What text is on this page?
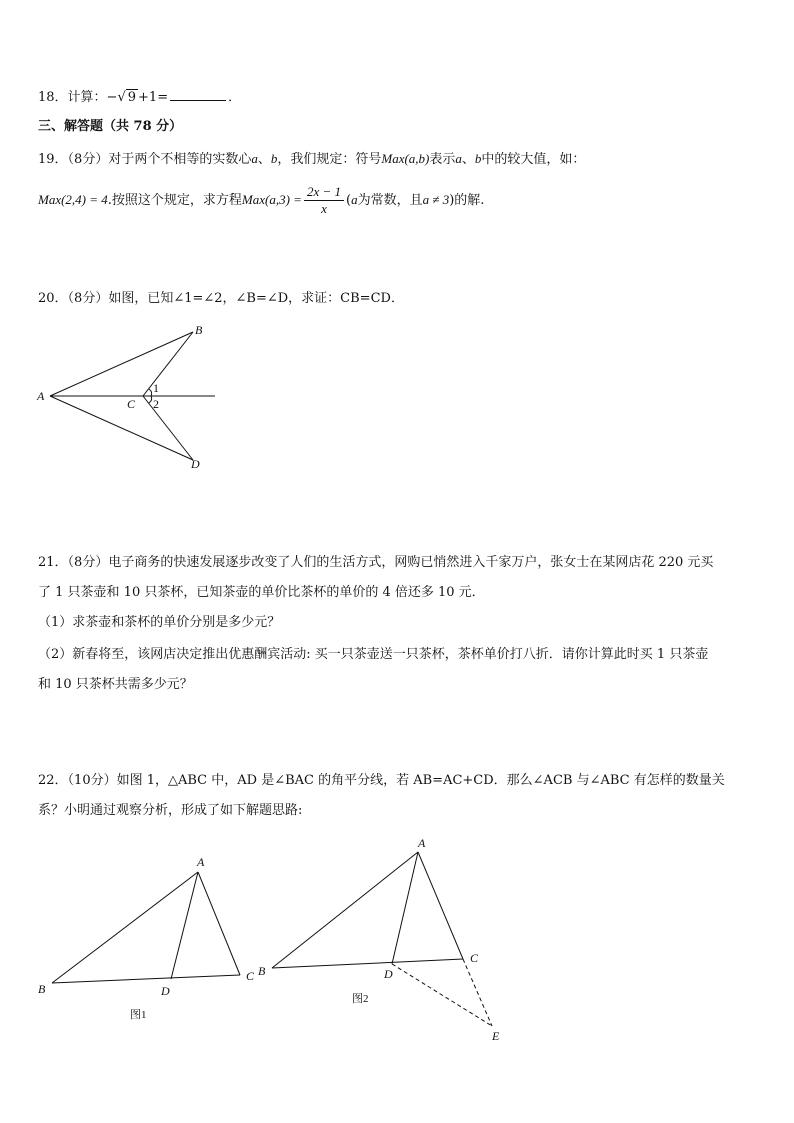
18．计算：−√ 9 +1=	．
三、解答题（共 78 分）
19．（8分）对于两个不相等的实数心a、b，我们规定：符号Max(a,b)表示a、b中的较大值，如：
Max(2,4) = 4.按照这个规定，求方程$Max(a,3) = \frac{2x - 1}{x} (a$为常数，且a ≠ 3)的解.
20．（8分）如图，已知∠1=∠2，∠B=∠D，求证：CB=CD．
A
B
C
D
1
2
21．（8分）电子商务的快速发展逐步改变了人们的生活方式，网购已悄然进入千家万户，张女士在某网店花 220 元买
了 1 只茶壶和 10 只茶杯，已知茶壶的单价比茶杯的单价的 4 倍还多 10 元．
（1）求茶壶和茶杯的单价分别是多少元？
（2）新春将至，该网店决定推出优惠酬宾活动: 买一只茶壶送一只茶杯，茶杯单价打八折．请你计算此时买 1 只茶壶
和 10 只茶杯共需多少元？
22．（10分）如图 1，△ABC 中，AD 是∠BAC 的角平分线，若 AB=AC+CD．那么∠ACB 与∠ABC 有怎样的数量关
系？小明通过观察分析，形成了如下解题思路:
A
B
C
D
图1
A
B
C
D
E
图2
